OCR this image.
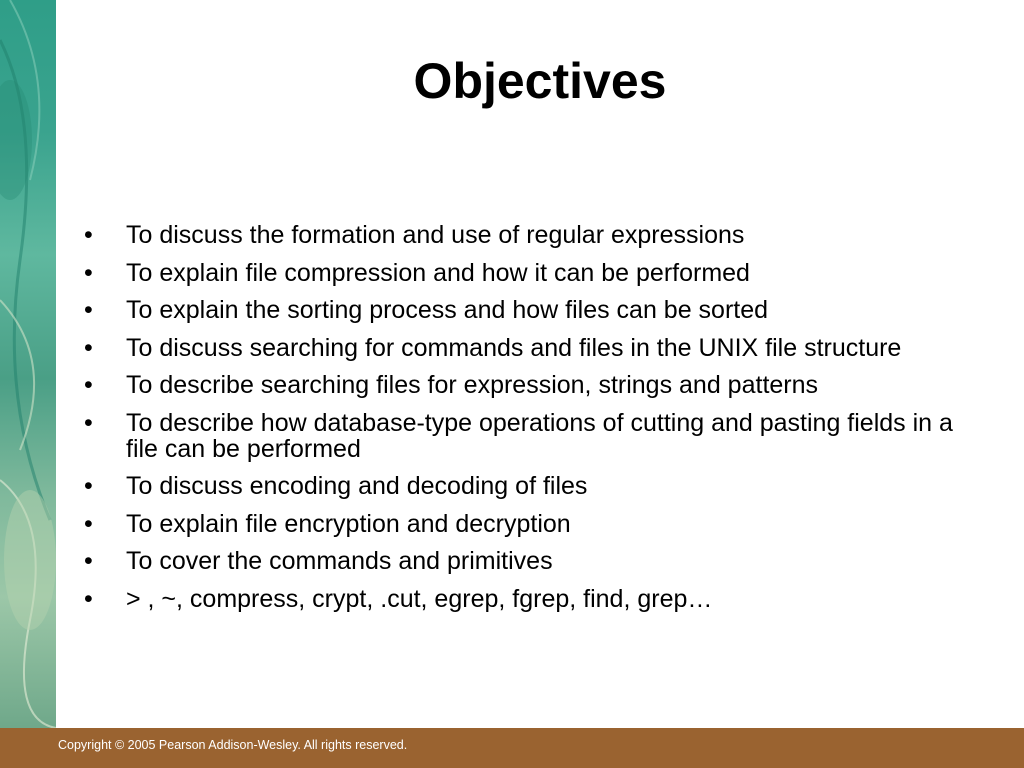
Objectives
• To discuss the formation and use of regular expressions
• To explain file compression and how it can be performed
• To explain the sorting process and how files can be sorted
• To discuss searching for commands and files in the UNIX file structure
• To describe searching files for expression, strings and patterns
• To describe how database-type operations of cutting and pasting fields in a file can be performed
• To discuss encoding and decoding of files
• To explain file encryption and decryption
• To cover the commands and primitives
• > , ~, compress, crypt, .cut, egrep, fgrep, find, grep…
Copyright © 2005 Pearson Addison-Wesley. All rights reserved.
